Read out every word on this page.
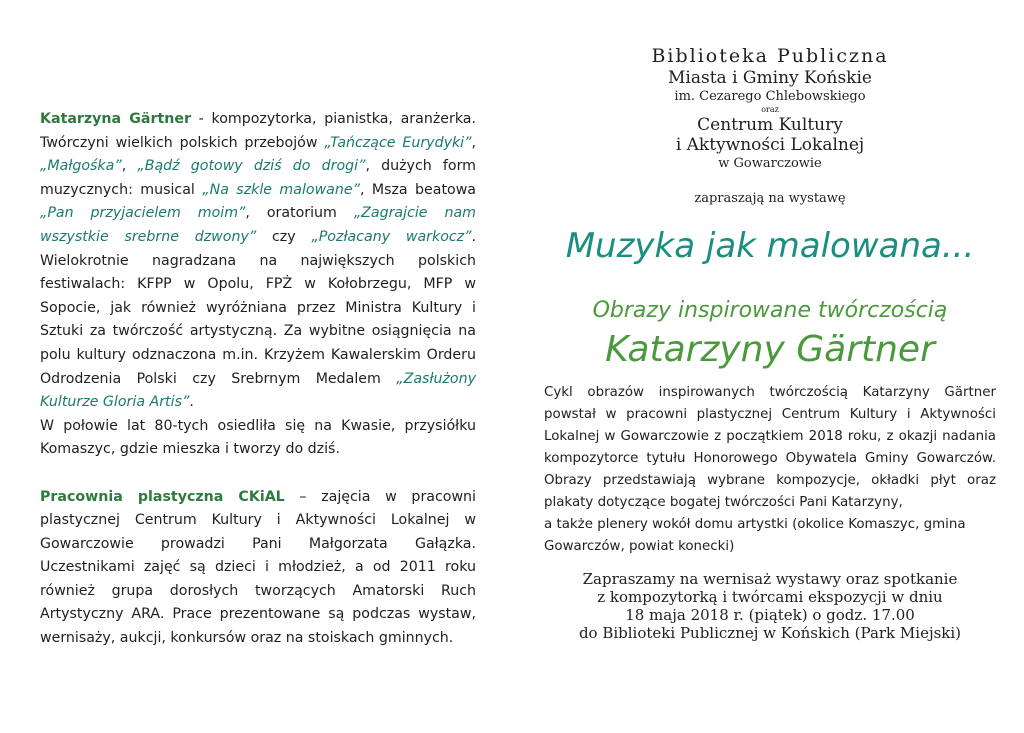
Katarzyna Gärtner - kompozytorka, pianistka, aranżerka. Twórczyni wielkich polskich przebojów „Tańczące Eurydyki”, „Małgośka”, „Bądź gotowy dziś do drogi”, dużych form muzycznych: musical „Na szkle malowane”, Msza beatowa „Pan przyjacielem moim”, oratorium „Zagrajcie nam wszystkie srebrne dzwony” czy „Pozłacany warkocz”. Wielokrotnie nagradzana na największych polskich festiwalach: KFPP w Opolu, FPŻ w Kołobrzegu, MFP w Sopocie, jak również wyróżniana przez Ministra Kultury i Sztuki za twórczość artystyczną. Za wybitne osiągnięcia na polu kultury odznaczona m.in. Krzyżem Kawalerskim Orderu Odrodzenia Polski czy Srebrnym Medalem „Zasłużony Kulturze Gloria Artis”.

W połowie lat 80-tych osiedliła się na Kwasie, przysiółku Komaszyc, gdzie mieszka i tworzy do dziś.

Pracownia plastyczna CKiAL – zajęcia w pracowni plastycznej Centrum Kultury i Aktywności Lokalnej w Gowarczowie prowadzi Pani Małgorzata Gałązka. Uczestnikami zajęć są dzieci i młodzież, a od 2011 roku również grupa dorosłych tworzących Amatorski Ruch Artystyczny ARA. Prace prezentowane są podczas wystaw, wernisaży, aukcji, konkursów oraz na stoiskach gminnych.

Biblioteka Publiczna
Miasta i Gminy Końskie
im. Cezarego Chlebowskiego
oraz
Centrum Kultury
i Aktywności Lokalnej
w Gowarczowie
zapraszają na wystawę
Muzyka jak malowana...
Obrazy inspirowane twórczością
Katarzyny Gärtner
Cykl obrazów inspirowanych twórczością Katarzyny Gärtner powstał w pracowni plastycznej Centrum Kultury i Aktywności Lokalnej w Gowarczowie z początkiem 2018 roku, z okazji nadania kompozytorce tytułu Honorowego Obywatela Gminy Gowarczów. Obrazy przedstawiają wybrane kompozycje, okładki płyt oraz plakaty dotyczące bogatej twórczości Pani Katarzyny,
a także plenery wokół domu artystki (okolice Komaszyc, gmina Gowarczów, powiat konecki)
Zapraszamy na wernisaż wystawy oraz spotkanie
z kompozytorką i twórcami ekspozycji w dniu
18 maja 2018 r. (piątek) o godz. 17.00
do Biblioteki Publicznej w Końskich (Park Miejski)
